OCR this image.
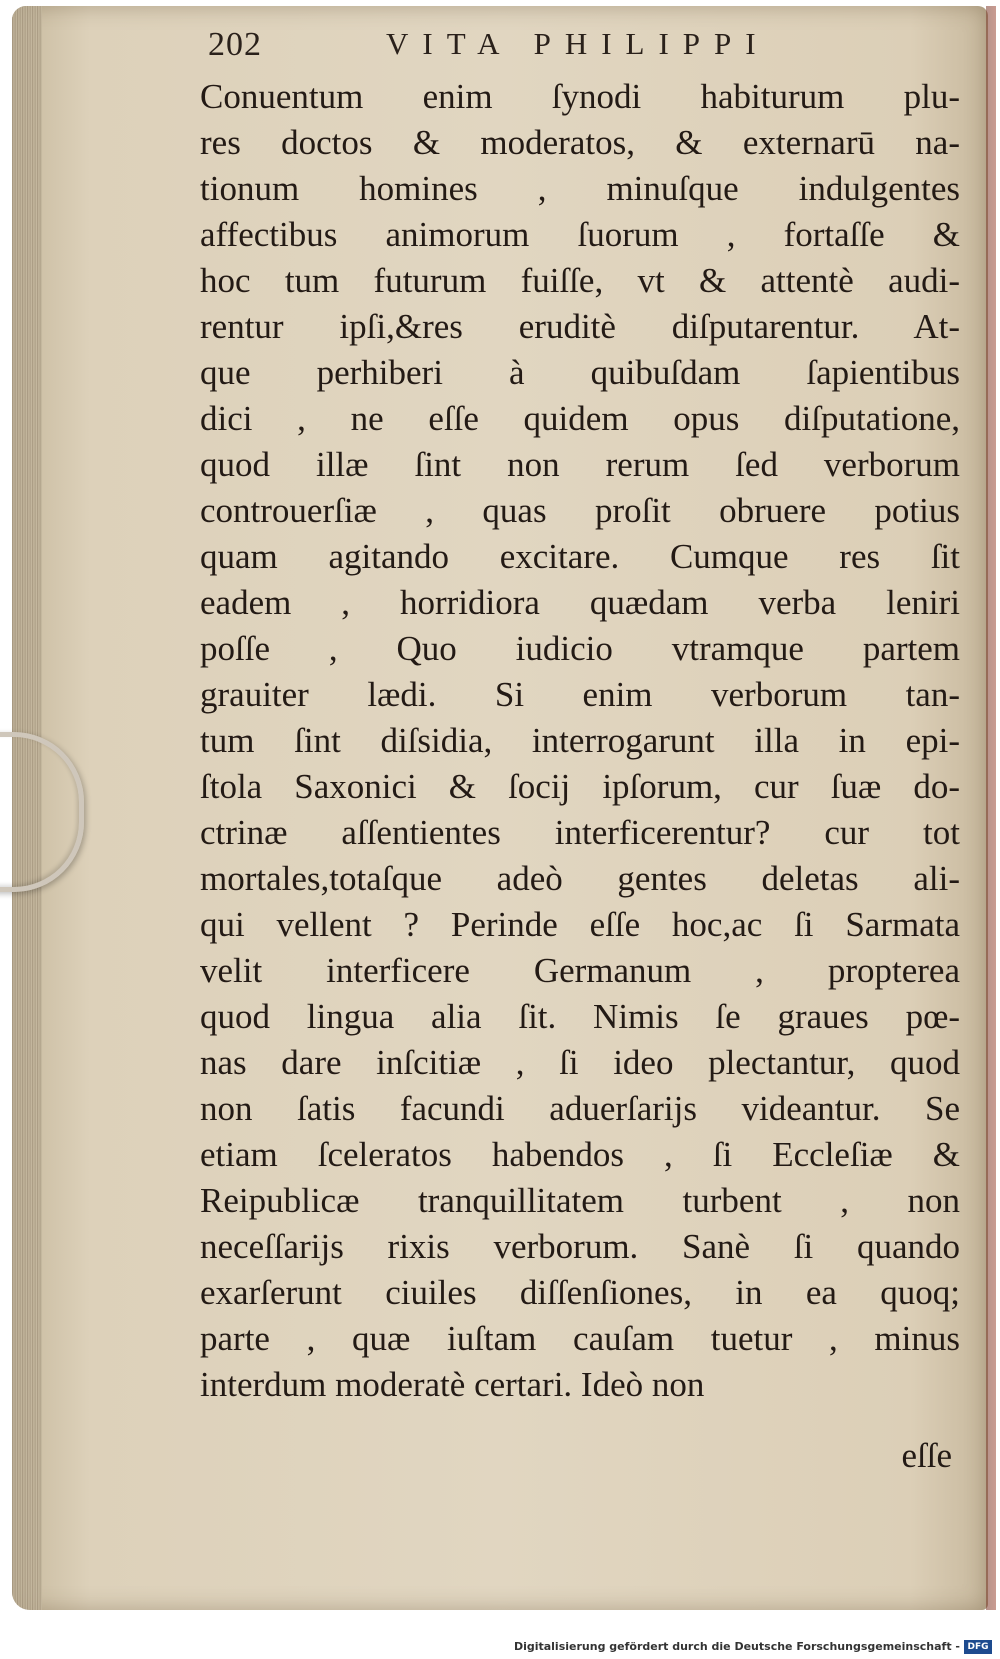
202	VITA PHILIPPI
Conuentum enim ſynodi habiturum plu-
res doctos & moderatos, & externarū na-
tionum homines , minuſque indulgentes
affectibus animorum ſuorum , fortaſſe &
hoc tum futurum fuiſſe, vt & attentè audi-
rentur ipſi,&res eruditè diſputarentur. At-
que perhiberi à quibuſdam ſapientibus
dici , ne eſſe quidem opus diſputatione,
quod illæ ſint non rerum ſed verborum
controuerſiæ , quas proſit obruere potius
quam agitando excitare. Cumque res ſit
eadem , horridiora quædam verba leniri
poſſe , Quo iudicio vtramque partem
grauiter lædi. Si enim verborum tan-
tum ſint diſsidia, interrogarunt illa in epi-
ſtola Saxonici & ſocij ipſorum, cur ſuæ do-
ctrinæ aſſentientes interficerentur? cur tot
mortales,totaſque adeò gentes deletas ali-
qui vellent ? Perinde eſſe hoc,ac ſi Sarmata
velit interficere Germanum , propterea
quod lingua alia ſit. Nimis ſe graues pœ-
nas dare inſcitiæ , ſi ideo plectantur, quod
non ſatis facundi aduerſarijs videantur. Se
etiam ſceleratos habendos , ſi Eccleſiæ &
Reipublicæ tranquillitatem turbent , non
neceſſarijs rixis verborum. Sanè ſi quando
exarſerunt ciuiles diſſenſiones, in ea quoq;
parte , quæ iuſtam cauſam tuetur , minus
interdum moderatè certari. Ideò non
eſſe
Digitalisierung gefördert durch die Deutsche Forschungsgemeinschaft - DFG
